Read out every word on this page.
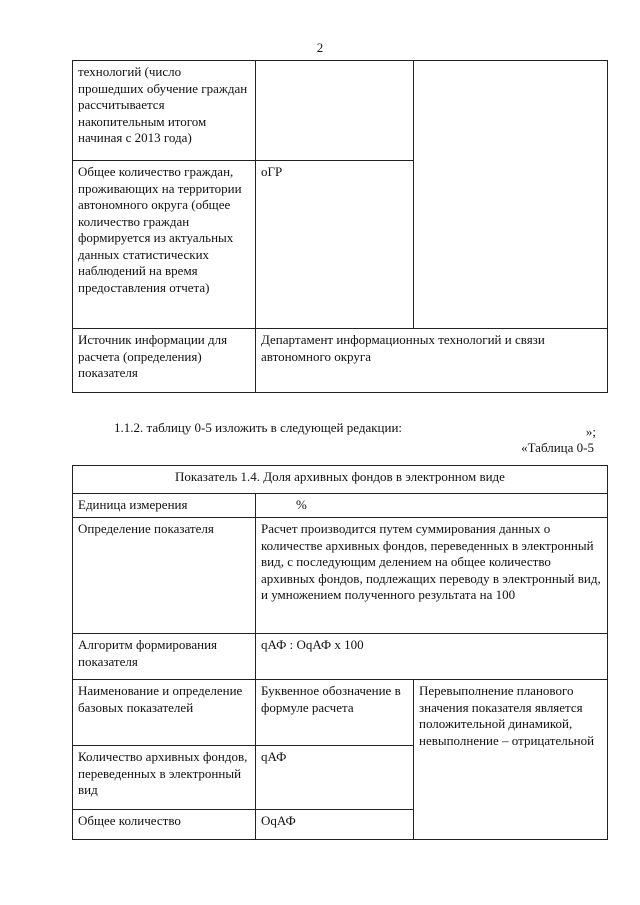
2
технологий (число прошедших обучение граждан рассчитывается накопительным итогом начиная с 2013 года)		
Общее количество граждан, проживающих на территории автономного округа (общее количество граждан формируется из актуальных данных статистических наблюдений на время предоставления отчета)	оГР	
Источник информации для расчета (определения) показателя	Департамент информационных технологий и связи автономного округа	
»;
1.1.2. таблицу 0-5 изложить в следующей редакции:
«Таблица 0-5
Показатель 1.4. Доля архивных фондов в электронном виде		
Единица измерения	%	
Определение показателя	Расчет производится путем суммирования данных о количестве архивных фондов, переведенных в электронный вид, с последующим делением на общее количество архивных фондов, подлежащих переводу в электронный вид, и умножением полученного результата на 100	
Алгоритм формирования показателя	qАФ : ОqАФ х 100	
Наименование и определение базовых показателей	Буквенное обозначение в формуле расчета	Перевыполнение планового значения показателя является положительной динамикой, невыполнение – отрицательной
Количество архивных фондов, переведенных в электронный вид	qАФ	
Общее количество	ОqАФ	
